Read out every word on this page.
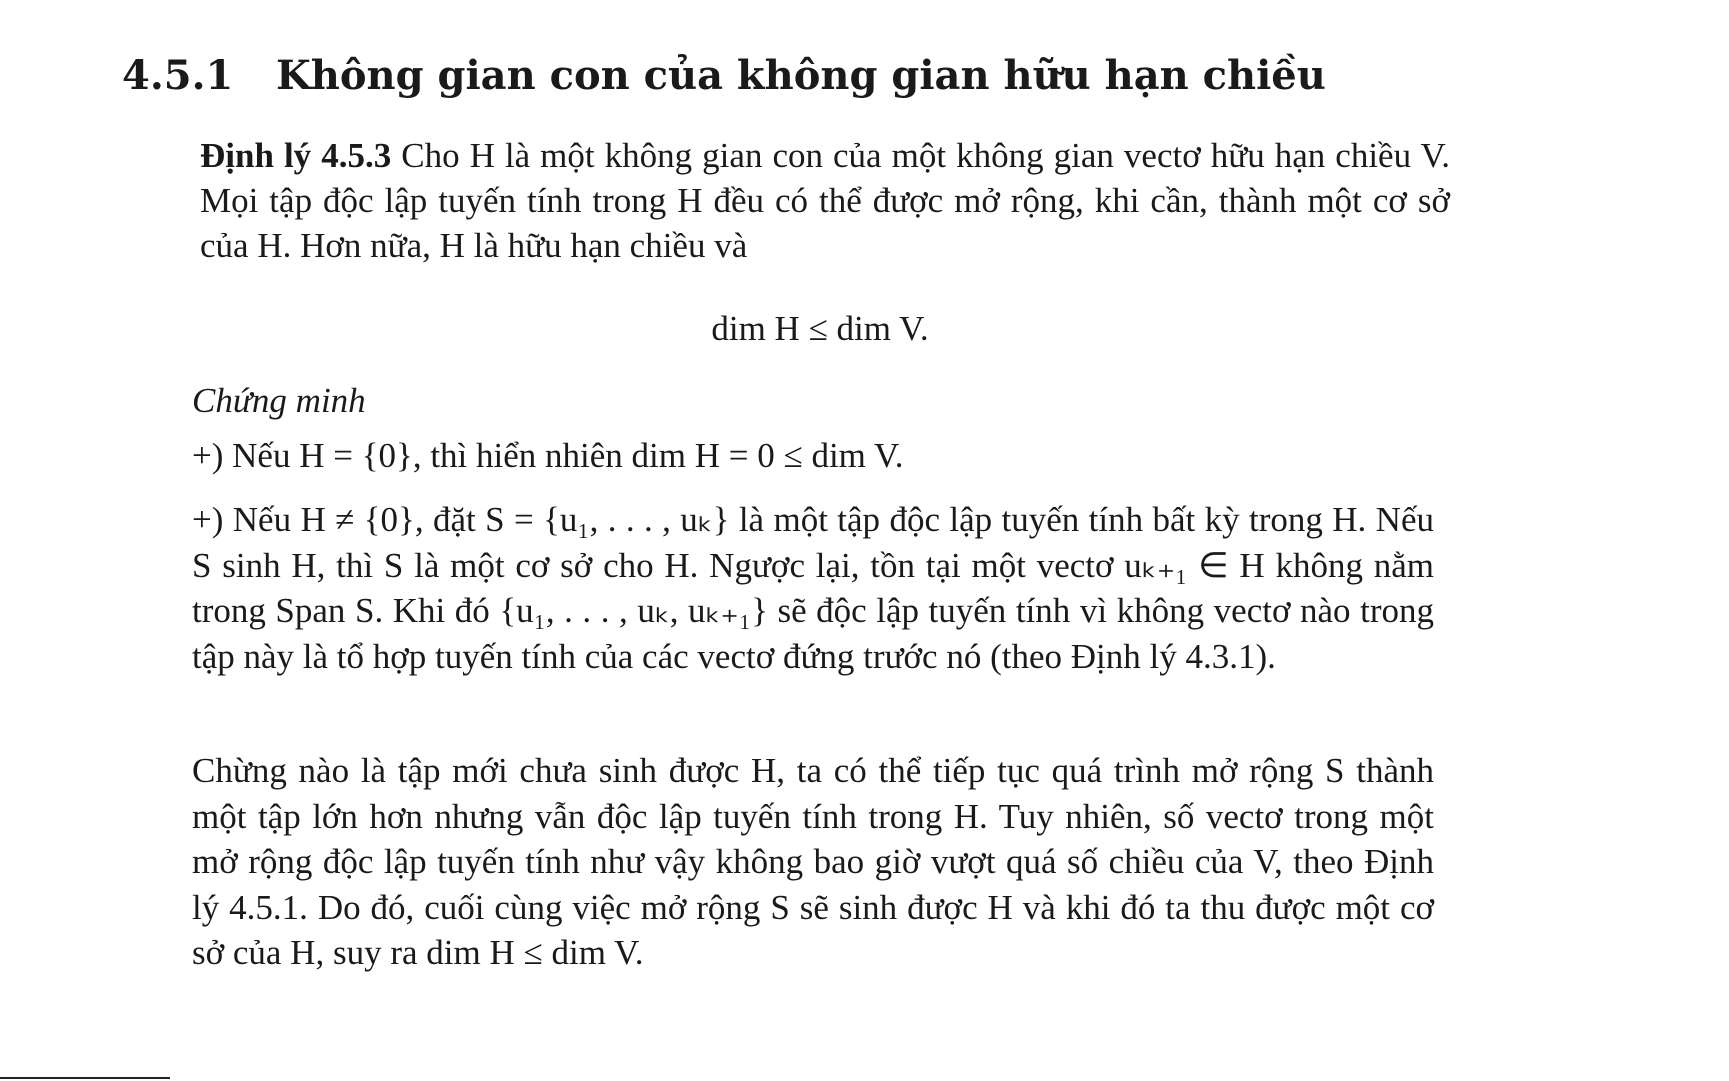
4.5.1 Không gian con của không gian hữu hạn chiều

Định lý 4.5.3 Cho H là một không gian con của một không gian vectơ hữu hạn chiều V. Mọi tập độc lập tuyến tính trong H đều có thể được mở rộng, khi cần, thành một cơ sở của H. Hơn nữa, H là hữu hạn chiều và

dim H ≤ dim V.

Chứng minh

+) Nếu H = {0}, thì hiển nhiên dim H = 0 ≤ dim V.

+) Nếu H ≠ {0}, đặt S = {u₁, . . . , uₖ} là một tập độc lập tuyến tính bất kỳ trong H. Nếu S sinh H, thì S là một cơ sở cho H. Ngược lại, tồn tại một vectơ uₖ₊₁ ∈ H không nằm trong Span S. Khi đó {u₁, . . . , uₖ, uₖ₊₁} sẽ độc lập tuyến tính vì không vectơ nào trong tập này là tổ hợp tuyến tính của các vectơ đứng trước nó (theo Định lý 4.3.1).

Chừng nào là tập mới chưa sinh được H, ta có thể tiếp tục quá trình mở rộng S thành một tập lớn hơn nhưng vẫn độc lập tuyến tính trong H. Tuy nhiên, số vectơ trong một mở rộng độc lập tuyến tính như vậy không bao giờ vượt quá số chiều của V, theo Định lý 4.5.1. Do đó, cuối cùng việc mở rộng S sẽ sinh được H và khi đó ta thu được một cơ sở của H, suy ra dim H ≤ dim V.
